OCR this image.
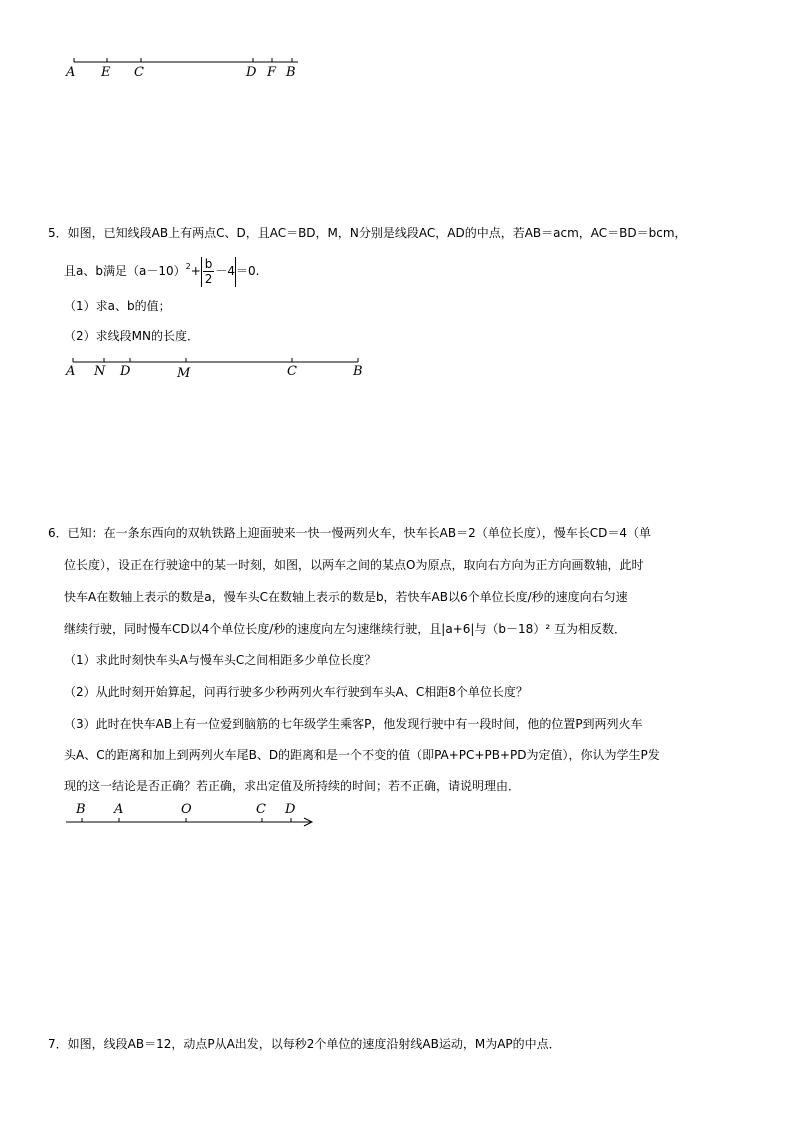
A E C	D F B
5．如图，已知线段AB上有两点C、D，且AC＝BD，M，N分别是线段AC，AD的中点，若AB＝acm，AC＝BD＝bcm，
且a、b满足$(a-10)^2+ \frac{b}{2} -4=0$.
（1）求a、b的值；
（2）求线段MN的长度．
A N D	M	C	B
6．已知：在一条东西向的双轨铁路上迎面驶来一快一慢两列火车，快车长AB＝2（单位长度），慢车长CD＝4（单
位长度），设正在行驶途中的某一时刻，如图，以两车之间的某点O为原点，取向右方向为正方向画数轴，此时
快车A在数轴上表示的数是a，慢车头C在数轴上表示的数是b，若快车AB以6个单位长度/秒的速度向右匀速
继续行驶，同时慢车CD以4个单位长度/秒的速度向左匀速继续行驶，且|a+6|与（b－18）² 互为相反数．
（1）求此时刻快车头A与慢车头C之间相距多少单位长度？
（2）从此时刻开始算起，问再行驶多少秒两列火车行驶到车头A、C相距8个单位长度？
（3）此时在快车AB上有一位爱到脑筋的七年级学生乘客P，他发现行驶中有一段时间，他的位置P到两列火车
头A、C的距离和加上到两列火车尾B、D的距离和是一个不变的值（即PA+PC+PB+PD为定值），你认为学生P发
现的这一结论是否正确？若正确，求出定值及所持续的时间；若不正确，请说明理由．
B A	O	C D
7．如图，线段AB＝12，动点P从A出发，以每秒2个单位的速度沿射线AB运动，M为AP的中点．
